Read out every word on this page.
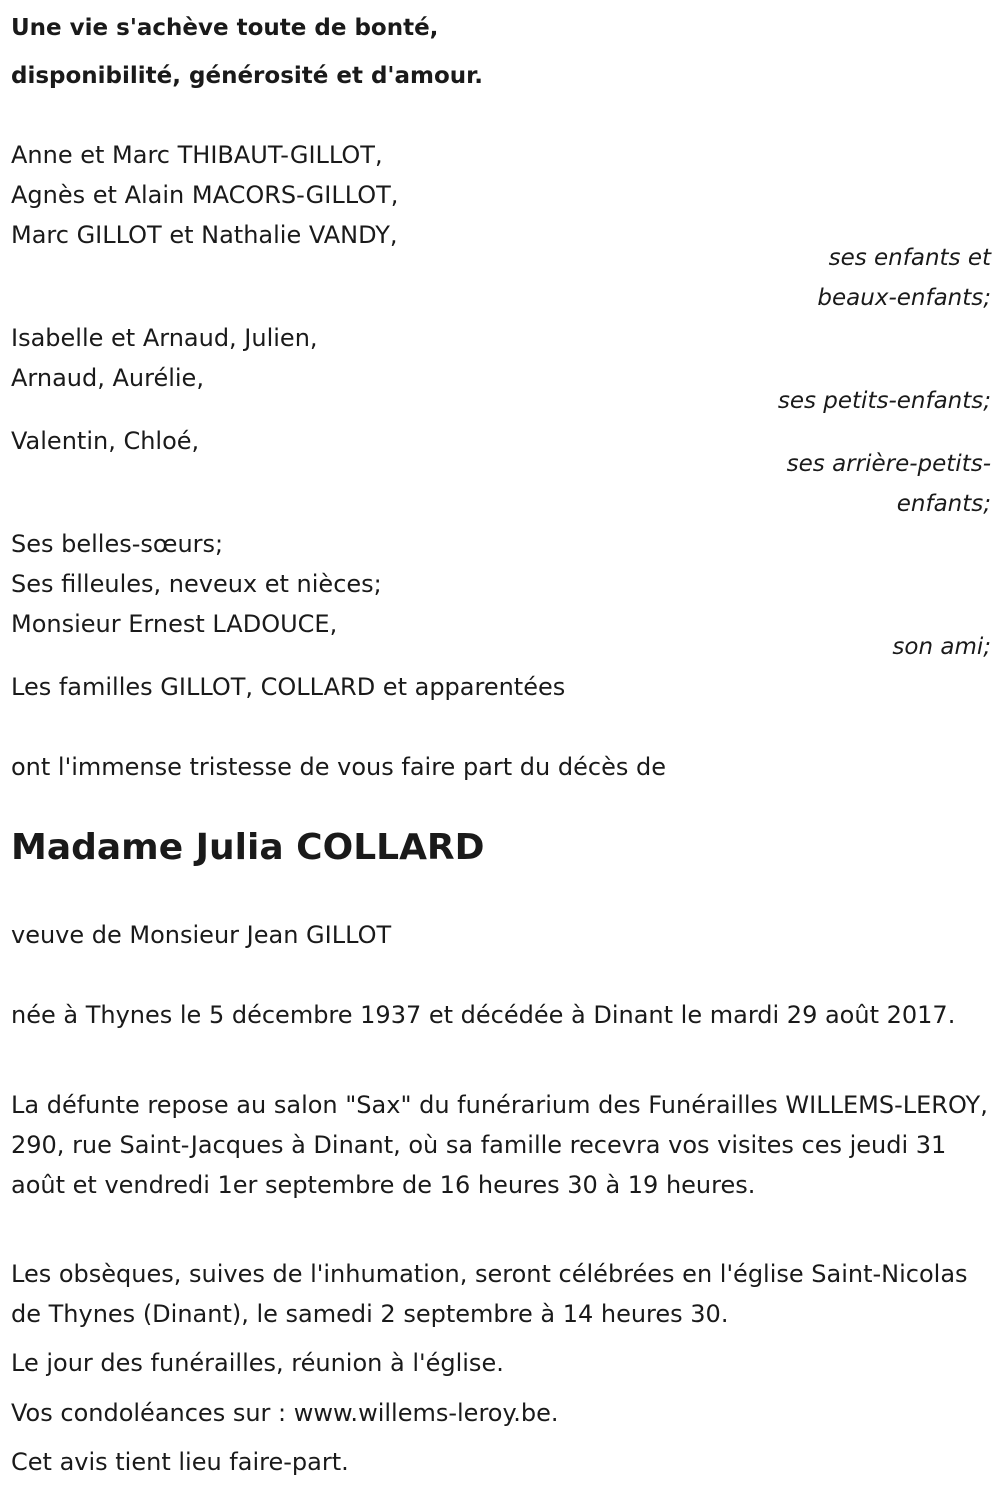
Une vie s'achève toute de bonté,
disponibilité, générosité et d'amour.
Anne et Marc THIBAUT-GILLOT,
Agnès et Alain MACORS-GILLOT,
Marc GILLOT et Nathalie VANDY,
ses enfants et
beaux-enfants;
Isabelle et Arnaud, Julien,
Arnaud, Aurélie,
ses petits-enfants;
Valentin, Chloé,
ses arrière-petits-
enfants;
Ses belles-sœurs;
Ses filleules, neveux et nièces;
Monsieur Ernest LADOUCE,
son ami;
Les familles GILLOT, COLLARD et apparentées
ont l'immense tristesse de vous faire part du décès de
Madame Julia COLLARD
veuve de Monsieur Jean GILLOT
née à Thynes le 5 décembre 1937 et décédée à Dinant le mardi 29 août 2017.
La défunte repose au salon "Sax" du funérarium des Funérailles WILLEMS-LEROY, 290, rue Saint-Jacques à Dinant, où sa famille recevra vos visites ces jeudi 31 août et vendredi 1er septembre de 16 heures 30 à 19 heures.
Les obsèques, suives de l'inhumation, seront célébrées en l'église Saint-Nicolas de Thynes (Dinant), le samedi 2 septembre à 14 heures 30.
Le jour des funérailles, réunion à l'église.
Vos condoléances sur : www.willems-leroy.be.
Cet avis tient lieu faire-part.
